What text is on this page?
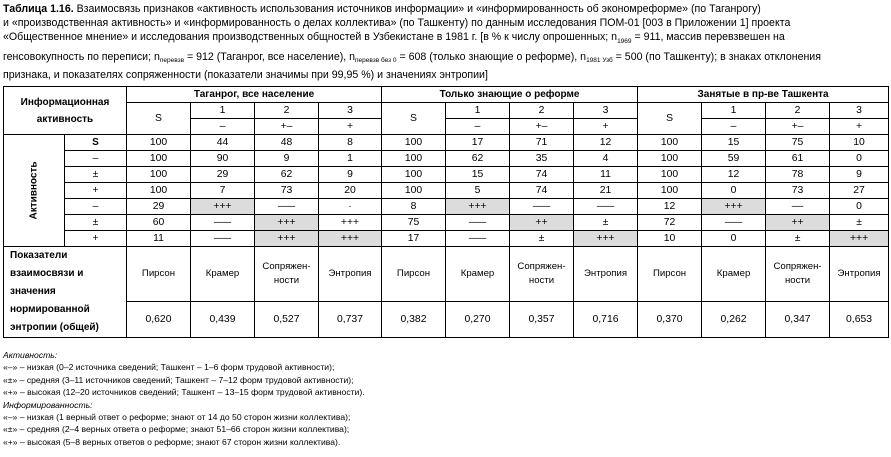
Таблица 1.16. Взаимосвязь признаков «активность использования источников информации» и «информированность об экономреформе» (по Таганрогу)
и «производственная активность» и «информированность о делах коллектива» (по Ташкенту) по данным исследования ПОМ-01 [003 в Приложении 1] проекта
«Общественное мнение» и исследования производственных общностей в Узбекистане в 1981 г. [в % к числу опрошенных; $n_{1969} = 911$, массив перевзвешен на
генсовокупность по переписи; $n_{перевзв} = 912$ (Таганрог, все население), $n_{перевзв без 0} = 608$ (только знающие о реформе), $n_{1981 Узб} = 500$ (по Ташкенту); в знаках отклонения
признака, и показателях сопряженности (показатели значимы при 99,95 %) и значениях энтропии]
Информационная активность		Таганрог, все население				Только знающие о реформе				Занятые в пр-ве Ташкента			
		S	1	2	3	S	1	2	3	S	1	2	3
			–	+–	+		–	+–	+		–	+–	+
Активность	S	100	44	48	8	100	17	71	12	100	15	75	10
	–	100	90	9	1	100	62	35	4	100	59	61	0
	±	100	29	62	9	100	15	74	11	100	12	78	9
	+	100	7	73	20	100	5	74	21	100	0	73	27
	–	29	+++	–––	·	8	+++	–––	–––	12	+++	––	0
	±	60	–––	+++	+++	75	–––	++	±	72	–––	++	±
	+	11	–––	+++	+++	17	–––	±	+++	10	0	±	+++
Показатели взаимосвязи и значения нормированной энтропии (общей)		Пирсон	Крамер	Сопряжен-ности	Энтропия	Пирсон	Крамер	Сопряжен-ности	Энтропия	Пирсон	Крамер	Сопряжен-ности	Энтропия
		0,620	0,439	0,527	0,737	0,382	0,270	0,357	0,716	0,370	0,262	0,347	0,653
Активность:
«–» – низкая (0–2 источника сведений; Ташкент – 1–6 форм трудовой активности);
«±» – средняя (3–11 источников сведений; Ташкент – 7–12 форм трудовой активности);
«+» – высокая (12–20 источников сведений; Ташкент – 13–15 форм трудовой активности).
Информированность:
«–» – низкая (1 верный ответ о реформе; знают от 14 до 50 сторон жизни коллектива);
«±» – средняя (2–4 верных ответа о реформе; знают 51–66 сторон жизни коллектива);
«+» – высокая (5–8 верных ответов о реформе; знают 67 сторон жизни коллектива).
